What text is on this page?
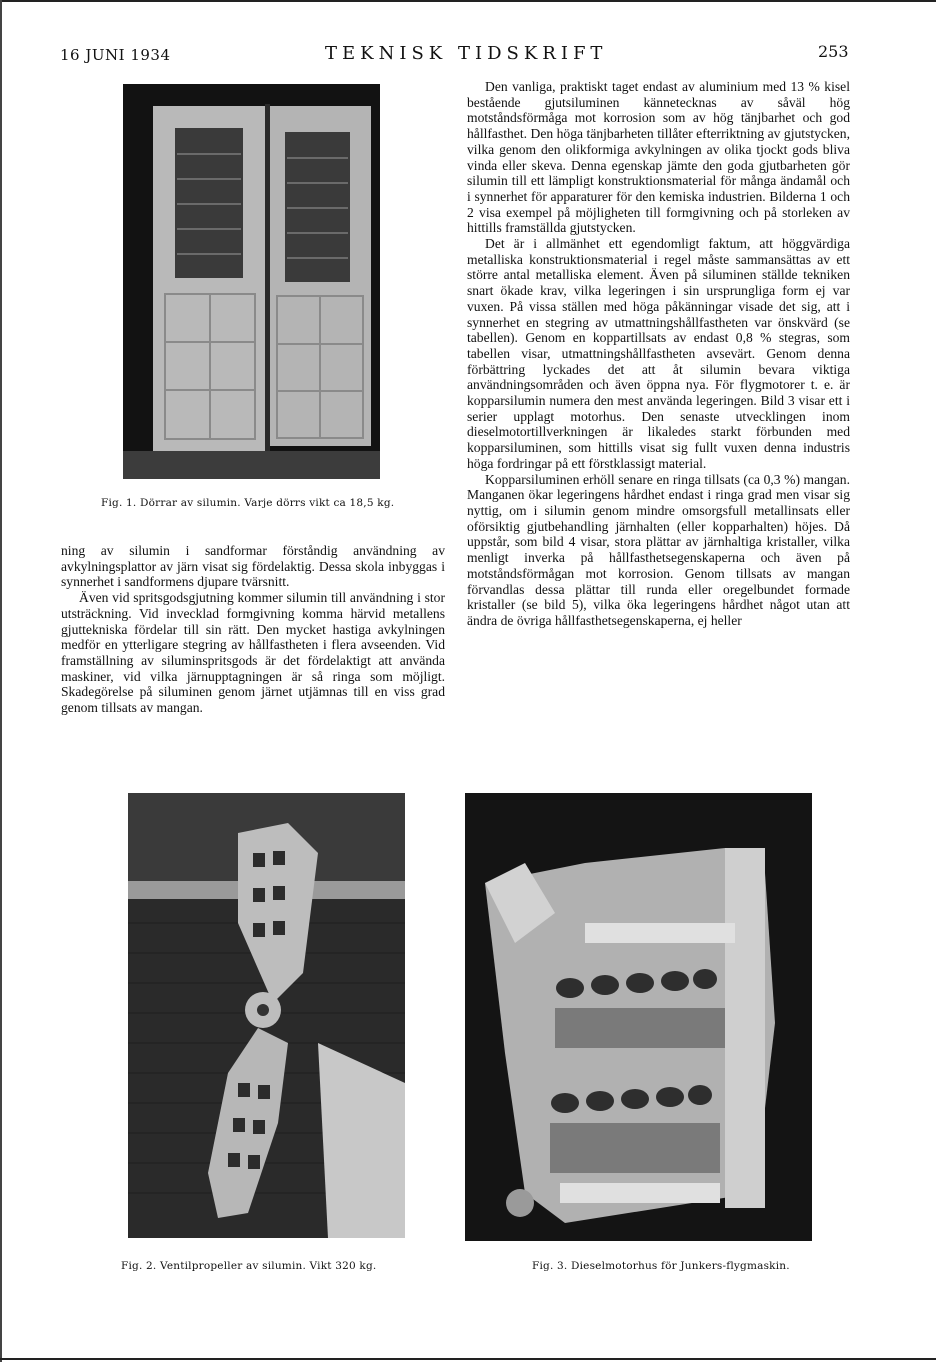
16 JUNI 1934	TEKNISK TIDSKRIFT	253
Fig. 1. Dörrar av silumin. Varje dörrs vikt ca 18,5 kg.

ning av silumin i sandformar förståndig användning av avkylningsplattor av järn visat sig fördelaktig. Dessa skola inbyggas i synnerhet i sandformens djupare tvärsnitt.

Även vid spritsgodsgjutning kommer silumin till användning i stor utsträckning. Vid invecklad formgivning komma härvid metallens gjuttekniska fördelar till sin rätt. Den mycket hastiga avkylningen medför en ytterligare stegring av hållfastheten i flera avseenden. Vid framställning av siluminspritsgods är det fördelaktigt att använda maskiner, vid vilka järnupptagningen är så ringa som möjligt. Skadegörelse på siluminen genom järnet utjämnas till en viss grad genom tillsats av mangan.

Den vanliga, praktiskt taget endast av aluminium med 13 % kisel bestående gjutsiluminen kännetecknas av såväl hög motståndsförmåga mot korrosion som av hög tänjbarhet och god hållfasthet. Den höga tänjbarheten tillåter efterriktning av gjutstycken, vilka genom den olikformiga avkylningen av olika tjockt gods bliva vinda eller skeva. Denna egenskap jämte den goda gjutbarheten gör silumin till ett lämpligt konstruktionsmaterial för många ändamål och i synnerhet för apparaturer för den kemiska industrien. Bilderna 1 och 2 visa exempel på möjligheten till formgivning och på storleken av hittills framställda gjutstycken.

Det är i allmänhet ett egendomligt faktum, att höggvärdiga metalliska konstruktionsmaterial i regel måste sammansättas av ett större antal metalliska element. Även på siluminen ställde tekniken snart ökade krav, vilka legeringen i sin ursprungliga form ej var vuxen. På vissa ställen med höga påkänningar visade det sig, att i synnerhet en stegring av utmattningshållfastheten var önskvärd (se tabellen). Genom en koppartillsats av endast 0,8 % stegras, som tabellen visar, utmattningshållfastheten avsevärt. Genom denna förbättring lyckades det att åt silumin bevara viktiga användningsområden och även öppna nya. För flygmotorer t. e. är kopparsilumin numera den mest använda legeringen. Bild 3 visar ett i serier upplagt motorhus. Den senaste utvecklingen inom dieselmotortillverkningen är likaledes starkt förbunden med kopparsiluminen, som hittills visat sig fullt vuxen denna industris höga fordringar på ett förstklassigt material.

Kopparsiluminen erhöll senare en ringa tillsats (ca 0,3 %) mangan. Manganen ökar legeringens hårdhet endast i ringa grad men visar sig nyttig, om i silumin genom mindre omsorgsfull metallinsats eller oförsiktig gjutbehandling järnhalten (eller kopparhalten) höjes. Då uppstår, som bild 4 visar, stora plättar av järnhaltiga kristaller, vilka menligt inverka på hållfasthetsegenskaperna och även på motståndsförmågan mot korrosion. Genom tillsats av mangan förvandlas dessa plättar till runda eller oregelbundet formade kristaller (se bild 5), vilka öka legeringens hårdhet något utan att ändra de övriga hållfasthetsegenskaperna, ej heller

Fig. 2. Ventilpropeller av silumin. Vikt 320 kg.	Fig. 3. Dieselmotorhus för Junkers-flygmaskin.
